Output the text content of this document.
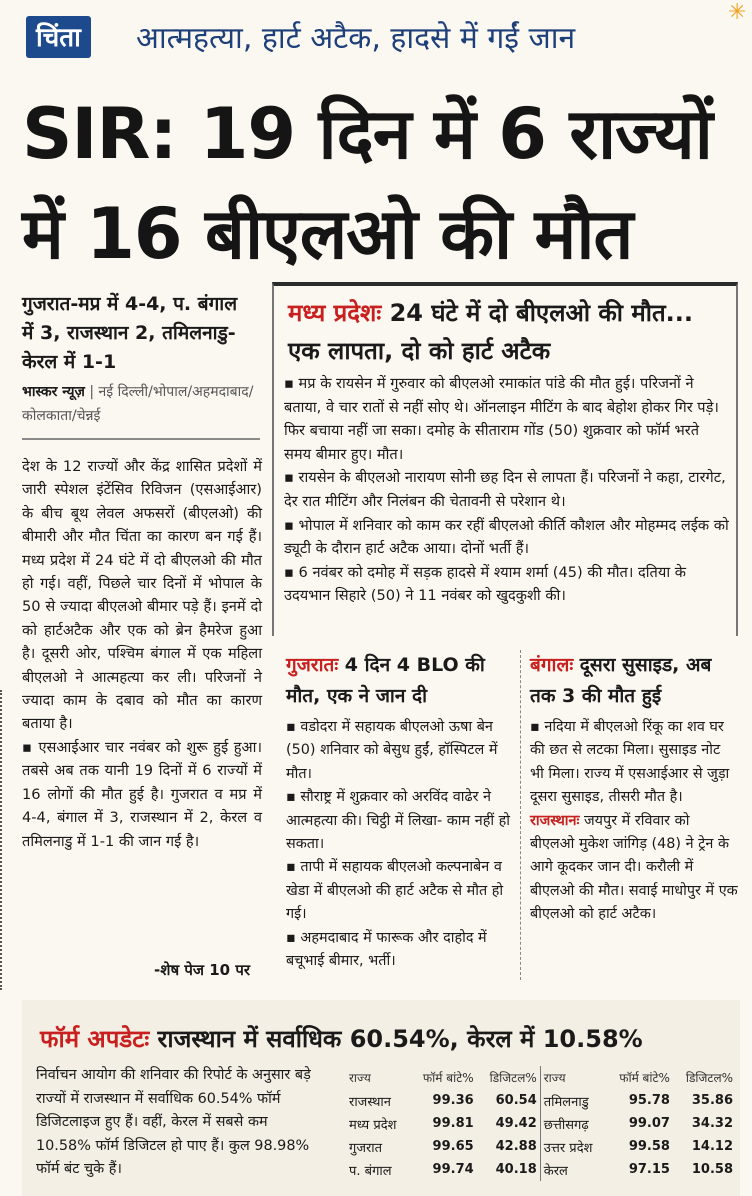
✳
चिंता	आत्महत्या, हार्ट अटैक, हादसे में गईं जान
SIR: 19 दिन में 6 राज्यों
में 16 बीएलओ की मौत
गुजरात-मप्र में 4-4, प. बंगाल में 3, राजस्थान 2, तमिलनाडु-केरल में 1-1
भास्कर न्यूज़ | नई दिल्ली/भोपाल/अहमदाबाद/कोलकाता/चेन्नई

देश के 12 राज्यों और केंद्र शासित प्रदेशों में जारी स्पेशल इंटेंसिव रिविजन (एसआईआर) के बीच बूथ लेवल अफसरों (बीएलओ) की बीमारी और मौत चिंता का कारण बन गई हैं। मध्य प्रदेश में 24 घंटे में दो बीएलओ की मौत हो गई। वहीं, पिछले चार दिनों में भोपाल के 50 से ज्यादा बीएलओ बीमार पड़े हैं। इनमें दो को हार्टअटैक और एक को ब्रेन हैमरेज हुआ है। दूसरी ओर, पश्चिम बंगाल में एक महिला बीएलओ ने आत्महत्या कर ली। परिजनों ने ज्यादा काम के दबाव को मौत का कारण बताया है।

▪ एसआईआर चार नवंबर को शुरू हुई हुआ। तबसे अब तक यानी 19 दिनों में 6 राज्यों में 16 लोगों की मौत हुई है। गुजरात व मप्र में 4-4, बंगाल में 3, राजस्थान में 2, केरल व तमिलनाडु में 1-1 की जान गई है।

-शेष पेज 10 पर
मध्य प्रदेशः 24 घंटे में दो बीएलओ की मौत... एक लापता, दो को हार्ट अटैक

▪ मप्र के रायसेन में गुरुवार को बीएलओ रमाकांत पांडे की मौत हुई। परिजनों ने बताया, वे चार रातों से नहीं सोए थे। ऑनलाइन मीटिंग के बाद बेहोश होकर गिर पड़े। फिर बचाया नहीं जा सका। दमोह के सीताराम गोंड (50) शुक्रवार को फॉर्म भरते समय बीमार हुए। मौत।

▪ रायसेन के बीएलओ नारायण सोनी छह दिन से लापता हैं। परिजनों ने कहा, टारगेट, देर रात मीटिंग और निलंबन की चेतावनी से परेशान थे।

▪ भोपाल में शनिवार को काम कर रहीं बीएलओ कीर्ति कौशल और मोहम्मद लईक को ड्यूटी के दौरान हार्ट अटैक आया। दोनों भर्ती हैं।

▪ 6 नवंबर को दमोह में सड़क हादसे में श्याम शर्मा (45) की मौत। दतिया के उदयभान सिहारे (50) ने 11 नवंबर को खुदकुशी की।

गुजरातः 4 दिन 4 BLO की मौत, एक ने जान दी

▪ वडोदरा में सहायक बीएलओ ऊषा बेन (50) शनिवार को बेसुध हुईं, हॉस्पिटल में मौत।

▪ सौराष्ट्र में शुक्रवार को अरविंद वाढेर ने आत्महत्या की। चिट्ठी में लिखा- काम नहीं हो सकता।

▪ तापी में सहायक बीएलओ कल्पनाबेन व खेडा में बीएलओ की हार्ट अटैक से मौत हो गई।

▪ अहमदाबाद में फारूक और दाहोद में बचूभाई बीमार, भर्ती।

बंगालः दूसरा सुसाइड, अब तक 3 की मौत हुई

▪ नदिया में बीएलओ रिंकू का शव घर की छत से लटका मिला। सुसाइड नोट भी मिला। राज्य में एसआईआर से जुड़ा दूसरा सुसाइड, तीसरी मौत है।

राजस्थानः जयपुर में रविवार को बीएलओ मुकेश जांगिड़ (48) ने ट्रेन के आगे कूदकर जान दी। करौली में बीएलओ की मौत। सवाई माधोपुर में एक बीएलओ को हार्ट अटैक।

फॉर्म अपडेटः राजस्थान में सर्वाधिक 60.54%, केरल में 10.58%
निर्वाचन आयोग की शनिवार की रिपोर्ट के अनुसार बड़े राज्यों में राजस्थान में सर्वाधिक 60.54% फॉर्म डिजिटलाइज हुए हैं। वहीं, केरल में सबसे कम 10.58% फॉर्म डिजिटल हो पाए हैं। कुल 98.98% फॉर्म बंट चुके हैं।
राज्य	फॉर्म बांटे%	डिजिटल%	राज्य	फॉर्म बांटे%	डिजिटल%
राजस्थान	99.36	60.54	तमिलनाडु	95.78	35.86
मध्य प्रदेश	99.81	49.42	छत्तीसगढ़	99.07	34.32
गुजरात	99.65	42.88	उत्तर प्रदेश	99.58	14.12
प. बंगाल	99.74	40.18	केरल	97.15	10.58
